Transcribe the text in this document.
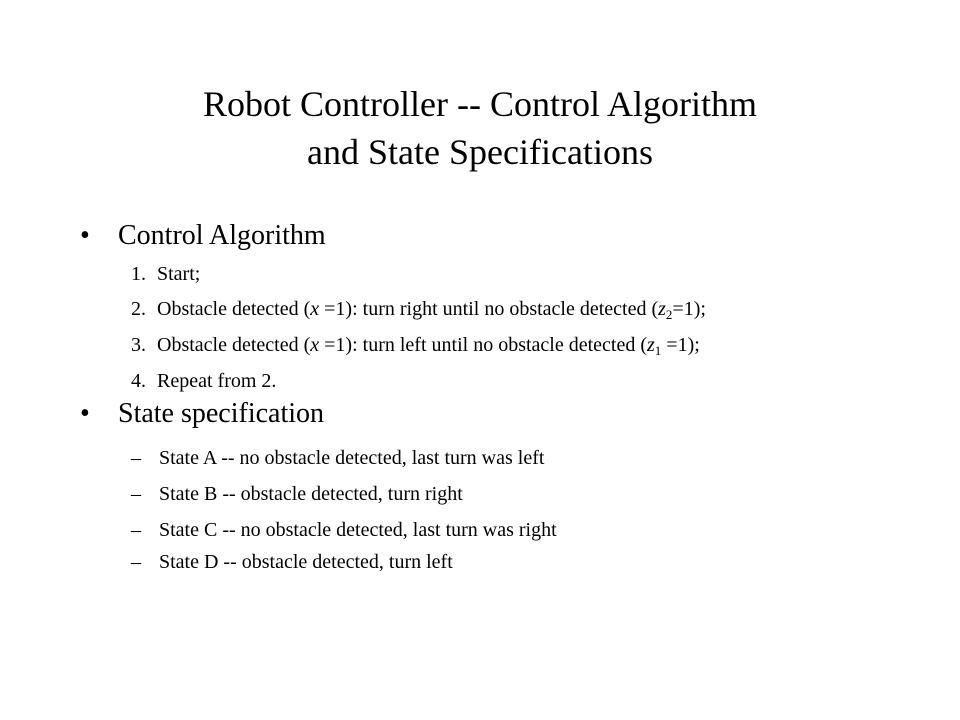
Robot Controller -- Control Algorithm
and State Specifications
• Control Algorithm
1. Start;
2. Obstacle detected (x =1): turn right until no obstacle detected $(z_2=1)$;
3. Obstacle detected (x =1): turn left until no obstacle detected $(z_1 =1)$;
4. Repeat from 2.
• State specification
– State A -- no obstacle detected, last turn was left
– State B -- obstacle detected, turn right
– State C -- no obstacle detected, last turn was right
– State D -- obstacle detected, turn left
